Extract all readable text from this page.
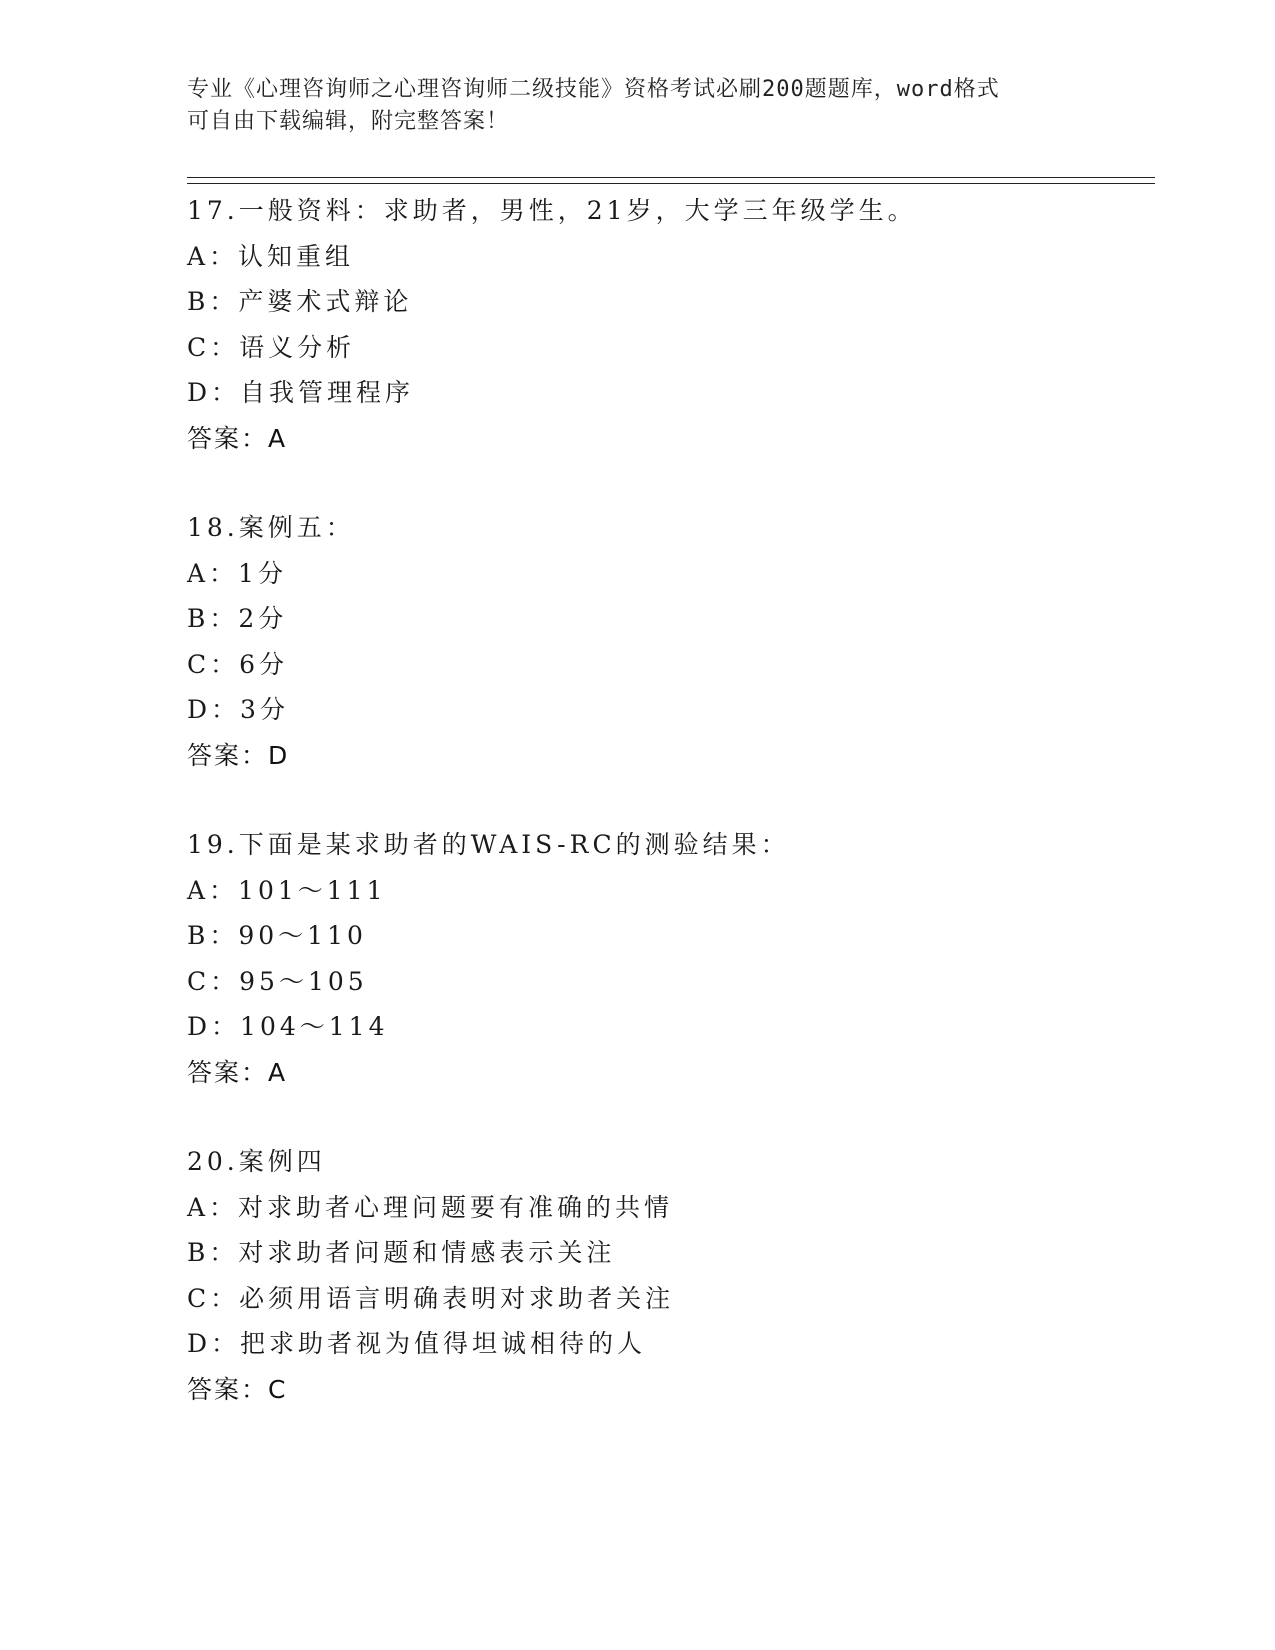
专业《心理咨询师之心理咨询师二级技能》资格考试必刷200题题库，word格式
可自由下载编辑，附完整答案！
17.一般资料：求助者，男性，21岁，大学三年级学生。
A：认知重组
B：产婆术式辩论
C：语义分析
D：自我管理程序
答案：A
18.案例五：
A：1分
B：2分
C：6分
D：3分
答案：D
19.下面是某求助者的WAIS-RC的测验结果：
A：101～111
B：90～110
C：95～105
D：104～114
答案：A
20.案例四
A：对求助者心理问题要有准确的共情
B：对求助者问题和情感表示关注
C：必须用语言明确表明对求助者关注
D：把求助者视为值得坦诚相待的人
答案：C
